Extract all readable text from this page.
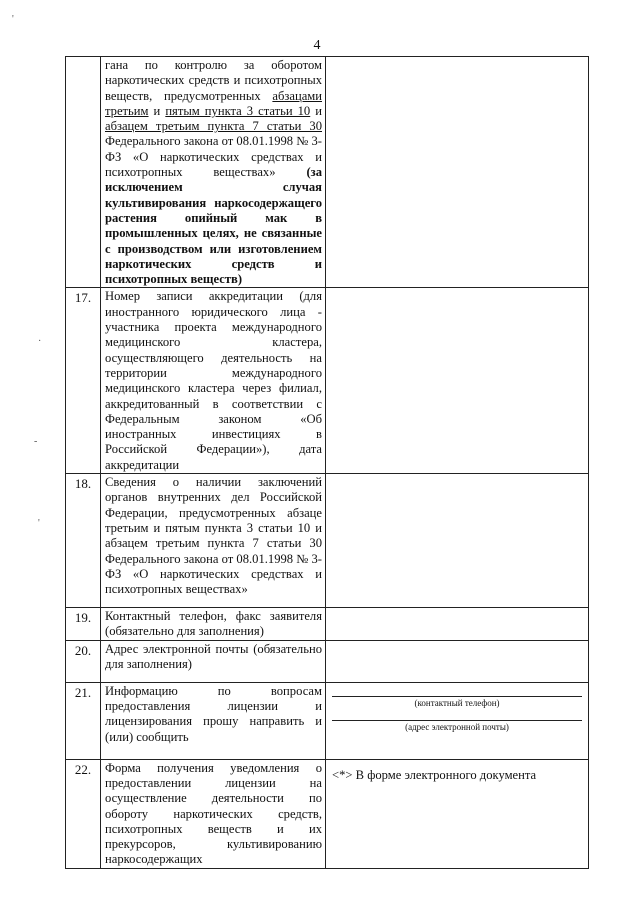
4
'
·
-
'
	гана по контролю за оборотом наркотических средств и психотропных веществ, предусмотренных абзацами третьим и пятым пункта 3 статьи 10 и абзацем третьим пункта 7 статьи 30 Федерального закона от 08.01.1998 № 3-ФЗ «О наркотических средствах и психотропных веществах» (за исключением случая культивирования наркосодержащего растения опийный мак в промышленных целях, не связанные с производством или изготовлением наркотических средств и психотропных веществ)	
17.	Номер записи аккредитации (для иностранного юридического лица - участника проекта международного медицинского кластера, осуществляющего деятельность на территории международного медицинского кластера через филиал, аккредитованный в соответствии с Федеральным законом «Об иностранных инвестициях в Российской Федерации»), дата аккредитации	
18.	Сведения о наличии заключений органов внутренних дел Российской Федерации, предусмотренных абзаце третьим и пятым пункта 3 статьи 10 и абзацем третьим пункта 7 статьи 30 Федерального закона от 08.01.1998 № 3-ФЗ «О наркотических средствах и психотропных веществах»	
19.	Контактный телефон, факс заявителя (обязательно для заполнения)	
20.	Адрес электронной почты (обязательно для заполнения)	
21.	Информацию по вопросам предоставления лицензии и лицензирования прошу направить и (или) сообщить	(контактный телефон)
(адрес электронной почты)

22.	Форма получения уведомления о предоставлении лицензии на осуществление деятельности по обороту наркотических средств, психотропных веществ и их прекурсоров, культивированию наркосодержащих	<*> В форме электронного документа
